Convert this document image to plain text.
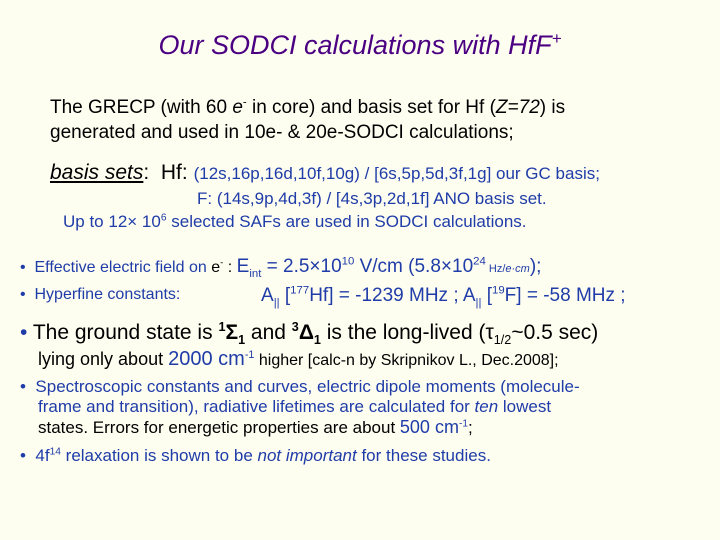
Our SODCI calculations with HfF+
The GRECP (with 60 e- in core) and basis set for Hf (Z=72) is
generated and used in 10e- & 20e-SODCI calculations;
basis sets: Hf: (12s,16p,16d,10f,10g) / [6s,5p,5d,3f,1g] our GC basis;
F: (14s,9p,4d,3f) / [4s,3p,2d,1f] ANO basis set.
Up to $12\times 10^6$ selected SAFs are used in SODCI calculations.
• Effective electric field on e- : $E_{int} = 2.5\times 10^{10}$ V/cm ($5.8\times 10^{24}$ Hz/e·cm);
• Hyperfine constants:	$A_{||}$ [$^{177}$Hf] = -1239 MHz ; $A_{||}$ [$^{19}$F] = -58 MHz ;
• The ground state is $^1\Sigma_1$ and $^3\Delta_1$ is the long-lived ($\tau_{1/2}\sim 0.5$ sec)
lying only about 2000 $cm^{-1}$ higher [calc-n by Skripnikov L., Dec.2008];
• Spectroscopic constants and curves, electric dipole moments (molecule-
frame and transition), radiative lifetimes are calculated for ten lowest
states. Errors for energetic properties are about 500 $cm^{-1}$;
• $4f^{14}$ relaxation is shown to be not important for these studies.
